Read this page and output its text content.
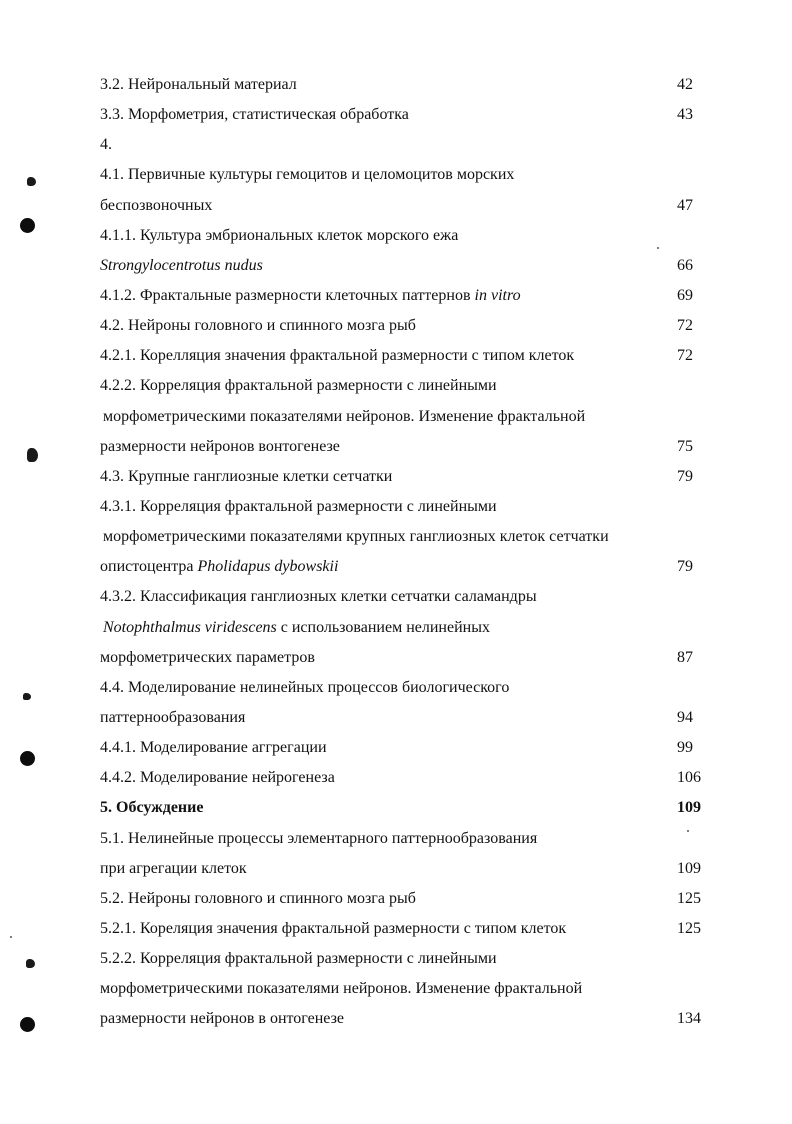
3.2. Нейрональный материал	42
3.3. Морфометрия, статистическая обработка	43
4.
4.1. Первичные культуры гемоцитов и целомоцитов морских
беспозвоночных	47
4.1.1. Культура эмбриональных клеток морского ежа
Strongylocentrotus nudus	66
4.1.2. Фрактальные размерности клеточных паттернов in vitro	69
4.2. Нейроны головного и спинного мозга рыб	72
4.2.1. Корелляция значения фрактальной размерности с типом клеток	72
4.2.2. Корреляция фрактальной размерности с линейными
морфометрическими показателями нейронов. Изменение фрактальной
размерности нейронов вонтогенезе	75
4.3. Крупные ганглиозные клетки сетчатки	79
4.3.1. Корреляция фрактальной размерности с линейными
морфометрическими показателями крупных ганглиозных клеток сетчатки
опистоцентра Pholidapus dybowskii	79
4.3.2. Классификация ганглиозных клетки сетчатки саламандры
Notophthalmus viridescens с использованием нелинейных
морфометрических параметров	87
4.4. Моделирование нелинейных процессов биологического
паттернообразования	94
4.4.1. Моделирование аггрегации	99
4.4.2. Моделирование нейрогенеза	106
5. Обсуждение	109
5.1. Нелинейные процессы элементарного паттернообразования
при агрегации клеток	109
5.2. Нейроны головного и спинного мозга рыб	125
5.2.1. Кореляция значения фрактальной размерности с типом клеток	125
5.2.2. Корреляция фрактальной размерности с линейными
морфометрическими показателями нейронов. Изменение фрактальной
размерности нейронов в онтогенезе	134
